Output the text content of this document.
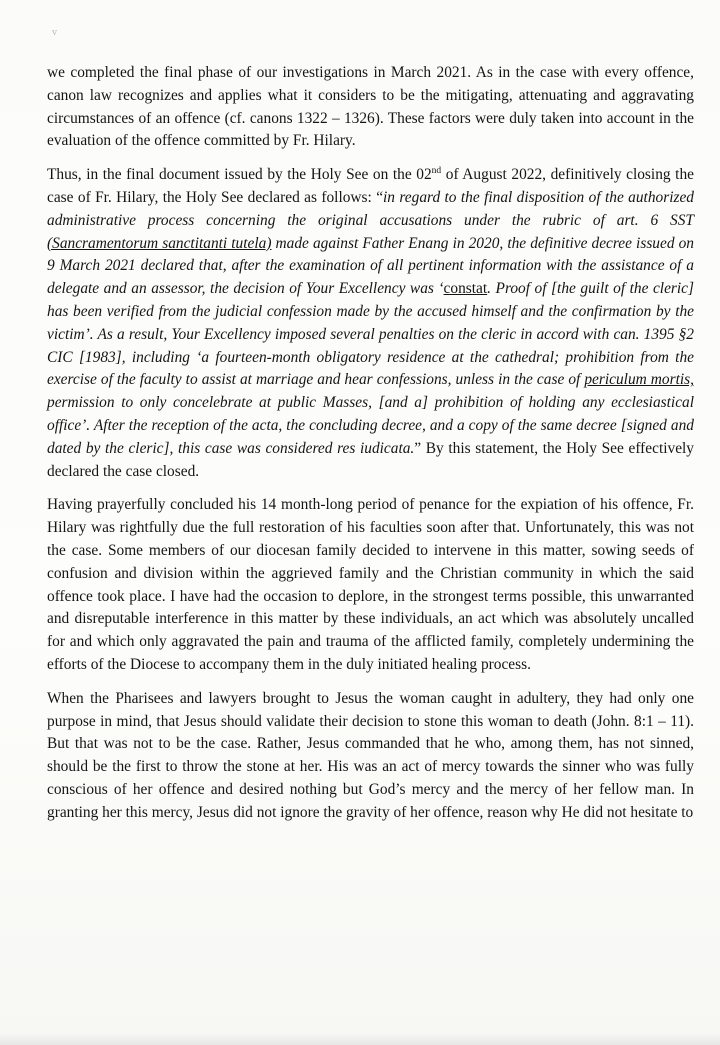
v

we completed the final phase of our investigations in March 2021. As in the case with every offence, canon law recognizes and applies what it considers to be the mitigating, attenuating and aggravating circumstances of an offence (cf. canons 1322 – 1326). These factors were duly taken into account in the evaluation of the offence committed by Fr. Hilary.

Thus, in the final document issued by the Holy See on the 02nd of August 2022, definitively closing the case of Fr. Hilary, the Holy See declared as follows: “in regard to the final disposition of the authorized administrative process concerning the original accusations under the rubric of art. 6 SST (Sancramentorum sanctitanti tutela) made against Father Enang in 2020, the definitive decree issued on 9 March 2021 declared that, after the examination of all pertinent information with the assistance of a delegate and an assessor, the decision of Your Excellency was ‘constat. Proof of [the guilt of the cleric] has been verified from the judicial confession made by the accused himself and the confirmation by the victim’. As a result, Your Excellency imposed several penalties on the cleric in accord with can. 1395 §2 CIC [1983], including ‘a fourteen-month obligatory residence at the cathedral; prohibition from the exercise of the faculty to assist at marriage and hear confessions, unless in the case of periculum mortis, permission to only concelebrate at public Masses, [and a] prohibition of holding any ecclesiastical office’. After the reception of the acta, the concluding decree, and a copy of the same decree [signed and dated by the cleric], this case was considered res iudicata.” By this statement, the Holy See effectively declared the case closed.

Having prayerfully concluded his 14 month-long period of penance for the expiation of his offence, Fr. Hilary was rightfully due the full restoration of his faculties soon after that. Unfortunately, this was not the case. Some members of our diocesan family decided to intervene in this matter, sowing seeds of confusion and division within the aggrieved family and the Christian community in which the said offence took place. I have had the occasion to deplore, in the strongest terms possible, this unwarranted and disreputable interference in this matter by these individuals, an act which was absolutely uncalled for and which only aggravated the pain and trauma of the afflicted family, completely undermining the efforts of the Diocese to accompany them in the duly initiated healing process.

When the Pharisees and lawyers brought to Jesus the woman caught in adultery, they had only one purpose in mind, that Jesus should validate their decision to stone this woman to death (John. 8:1 – 11). But that was not to be the case. Rather, Jesus commanded that he who, among them, has not sinned, should be the first to throw the stone at her. His was an act of mercy towards the sinner who was fully conscious of her offence and desired nothing but God’s mercy and the mercy of her fellow man. In granting her this mercy, Jesus did not ignore the gravity of her offence, reason why He did not hesitate to
